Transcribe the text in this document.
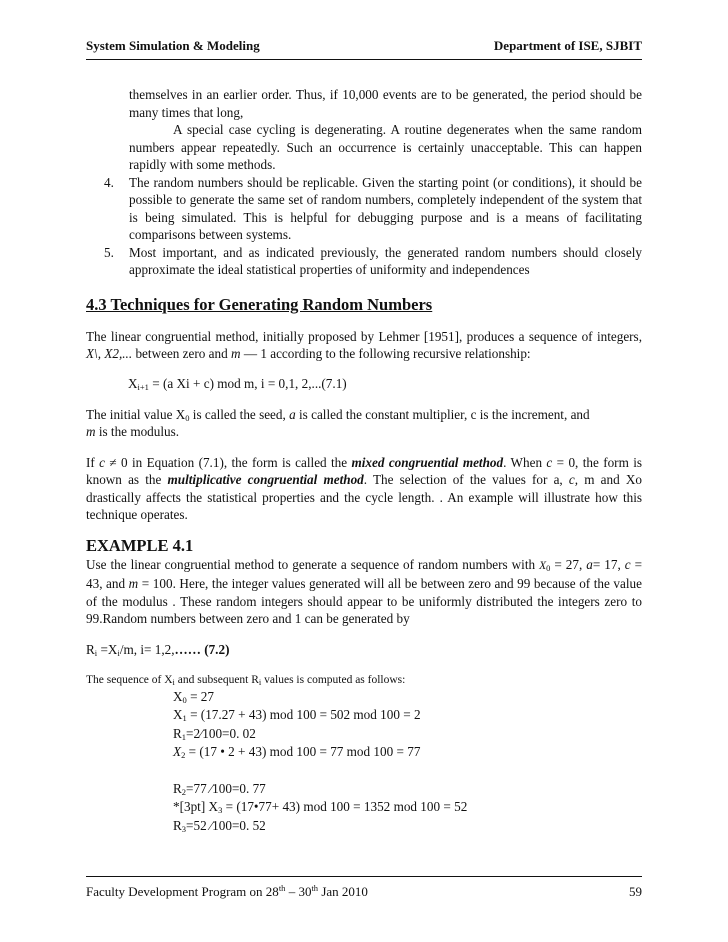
System Simulation & Modeling	Department of ISE, SJBIT

themselves in an earlier order. Thus, if 10,000 events are to be generated, the period should be many times that long,

A special case cycling is degenerating. A routine degenerates when the same random numbers appear repeatedly. Such an occurrence is certainly unacceptable. This can happen rapidly with some methods.

4. The random numbers should be replicable. Given the starting point (or conditions), it should be possible to generate the same set of random numbers, completely independent of the system that is being simulated. This is helpful for debugging purpose and is a means of facilitating comparisons between systems.

5. Most important, and as indicated previously, the generated random numbers should closely approximate the ideal statistical properties of uniformity and independences

4.3 Techniques for Generating Random Numbers

The linear congruential method, initially proposed by Lehmer [1951], produces a sequence of integers, X\, X2,... between zero and m — 1 according to the following recursive relationship:

$X_{i+1} = (a$ Xi + c) mod m, i = 0,1, 2,...(7.1)

The initial value $X_0$ is called the seed, a is called the constant multiplier, c is the increment, and
m is the modulus.

If c ≠ 0 in Equation (7.1), the form is called the mixed congruential method. When c = 0, the form is known as the multiplicative congruential method. The selection of the values for a, c, m and Xo drastically affects the statistical properties and the cycle length. . An example will illustrate how this technique operates.

EXAMPLE 4.1

Use the linear congruential method to generate a sequence of random numbers with $X_0 = 27$, a= 17, c = 43, and m = 100. Here, the integer values generated will all be between zero and 99 because of the value of the modulus . These random integers should appear to be uniformly distributed the integers zero to 99.Random numbers between zero and 1 can be generated by

$R_i =X_i/m$, i= 1,2,…… (7.2)
The sequence of $X_i$ and subsequent $R_i$ values is computed as follows:
$X_0 = 27$
$X_1 = (17.27 + 43)$ mod 100 = 502 mod 100 = 2
$R_1=2⁄100=0$. 02
$X_2 = (17$ • 2 + 43) mod 100 = 77 mod 100 = 77
$R_2=77$ ⁄100=0. 77
*[3pt] $X_3$ = (17•77+ 43) mod 100 = 1352 mod 100 = 52
$R_3=52$ ⁄100=0. 52
Faculty Development Program on 28th – 30th Jan 2010	59
